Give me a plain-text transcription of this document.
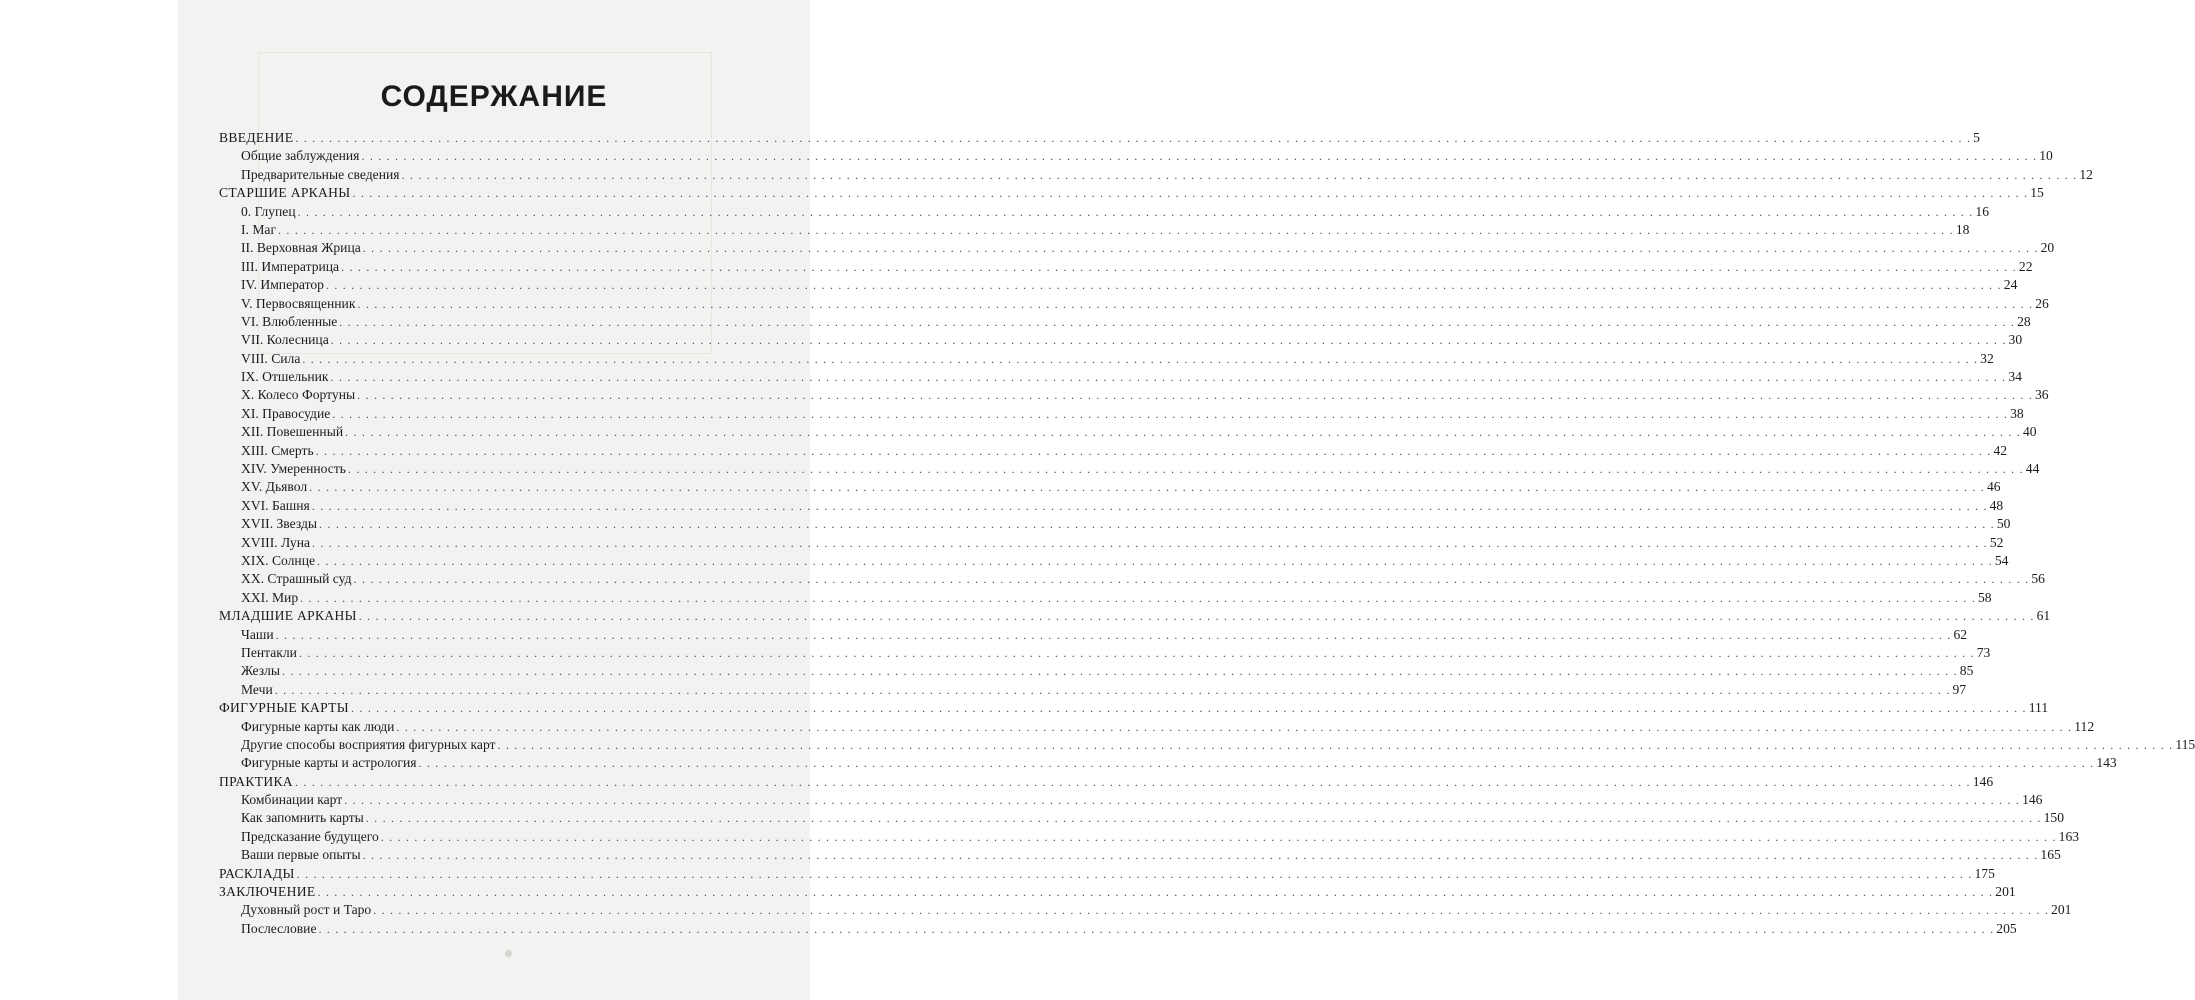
СОДЕРЖАНИЕ
ВВЕДЕНИЕ . . . . . . . . . . . . . . . . . . . . . . . . . . . . . . . . . . . . . . . . . . . . . . . . . . . . . . . . . . . . . . . . . . . . . . . . . . . . . . . . . . . . . . . . . . . . . . . . . . . . . . . . . . . . . . . . . . . . . . . . . . . . . . . . . . . . . . . . . . . . . . . . . . . . . . . . . . . . . . . . . . . . . . . . . . . . . . . . . . . . . . . . . . . . . . . . . . . . . . . . 5
Общие заблуждения . . . . . . . . . . . . . . . . . . . . . . . . . . . . . . . . . . . . . . . . . . . . . . . . . . . . . . . . . . . . . . . . . . . . . . . . . . . . . . . . . . . . . . . . . . . . . . . . . . . . . . . . . . . . . . . . . . . . . . . . . . . . . . . . . . . . . . . . . . . . . . . . . . . . . . . . . . . . . . . . . . . . . . . . . . . . . . . . . . . . . . . . . . . . . . . . . . . . . . . . 10
Предварительные сведения . . . . . . . . . . . . . . . . . . . . . . . . . . . . . . . . . . . . . . . . . . . . . . . . . . . . . . . . . . . . . . . . . . . . . . . . . . . . . . . . . . . . . . . . . . . . . . . . . . . . . . . . . . . . . . . . . . . . . . . . . . . . . . . . . . . . . . . . . . . . . . . . . . . . . . . . . . . . . . . . . . . . . . . . . . . . . . . . . . . . . . . . . . . . . . . . . . . . . . . . 12
СТАРШИЕ АРКАНЫ . . . . . . . . . . . . . . . . . . . . . . . . . . . . . . . . . . . . . . . . . . . . . . . . . . . . . . . . . . . . . . . . . . . . . . . . . . . . . . . . . . . . . . . . . . . . . . . . . . . . . . . . . . . . . . . . . . . . . . . . . . . . . . . . . . . . . . . . . . . . . . . . . . . . . . . . . . . . . . . . . . . . . . . . . . . . . . . . . . . . . . . . . . . . . . . . . . . . . . . . 15
0. Глупец . . . . . . . . . . . . . . . . . . . . . . . . . . . . . . . . . . . . . . . . . . . . . . . . . . . . . . . . . . . . . . . . . . . . . . . . . . . . . . . . . . . . . . . . . . . . . . . . . . . . . . . . . . . . . . . . . . . . . . . . . . . . . . . . . . . . . . . . . . . . . . . . . . . . . . . . . . . . . . . . . . . . . . . . . . . . . . . . . . . . . . . . . . . . . . . . . . . . . . . . 16
I. Маг . . . . . . . . . . . . . . . . . . . . . . . . . . . . . . . . . . . . . . . . . . . . . . . . . . . . . . . . . . . . . . . . . . . . . . . . . . . . . . . . . . . . . . . . . . . . . . . . . . . . . . . . . . . . . . . . . . . . . . . . . . . . . . . . . . . . . . . . . . . . . . . . . . . . . . . . . . . . . . . . . . . . . . . . . . . . . . . . . . . . . . . . . . . . . . . . . . . . . . . . 18
II. Верховная Жрица . . . . . . . . . . . . . . . . . . . . . . . . . . . . . . . . . . . . . . . . . . . . . . . . . . . . . . . . . . . . . . . . . . . . . . . . . . . . . . . . . . . . . . . . . . . . . . . . . . . . . . . . . . . . . . . . . . . . . . . . . . . . . . . . . . . . . . . . . . . . . . . . . . . . . . . . . . . . . . . . . . . . . . . . . . . . . . . . . . . . . . . . . . . . . . . . . . . . . . . . 20
III. Императрица . . . . . . . . . . . . . . . . . . . . . . . . . . . . . . . . . . . . . . . . . . . . . . . . . . . . . . . . . . . . . . . . . . . . . . . . . . . . . . . . . . . . . . . . . . . . . . . . . . . . . . . . . . . . . . . . . . . . . . . . . . . . . . . . . . . . . . . . . . . . . . . . . . . . . . . . . . . . . . . . . . . . . . . . . . . . . . . . . . . . . . . . . . . . . . . . . . . . . . . . 22
IV. Император . . . . . . . . . . . . . . . . . . . . . . . . . . . . . . . . . . . . . . . . . . . . . . . . . . . . . . . . . . . . . . . . . . . . . . . . . . . . . . . . . . . . . . . . . . . . . . . . . . . . . . . . . . . . . . . . . . . . . . . . . . . . . . . . . . . . . . . . . . . . . . . . . . . . . . . . . . . . . . . . . . . . . . . . . . . . . . . . . . . . . . . . . . . . . . . . . . . . . . . . 24
V. Первосвященник . . . . . . . . . . . . . . . . . . . . . . . . . . . . . . . . . . . . . . . . . . . . . . . . . . . . . . . . . . . . . . . . . . . . . . . . . . . . . . . . . . . . . . . . . . . . . . . . . . . . . . . . . . . . . . . . . . . . . . . . . . . . . . . . . . . . . . . . . . . . . . . . . . . . . . . . . . . . . . . . . . . . . . . . . . . . . . . . . . . . . . . . . . . . . . . . . . . . . . . . 26
VI. Влюбленные . . . . . . . . . . . . . . . . . . . . . . . . . . . . . . . . . . . . . . . . . . . . . . . . . . . . . . . . . . . . . . . . . . . . . . . . . . . . . . . . . . . . . . . . . . . . . . . . . . . . . . . . . . . . . . . . . . . . . . . . . . . . . . . . . . . . . . . . . . . . . . . . . . . . . . . . . . . . . . . . . . . . . . . . . . . . . . . . . . . . . . . . . . . . . . . . . . . . . . . . 28
VII. Колесница . . . . . . . . . . . . . . . . . . . . . . . . . . . . . . . . . . . . . . . . . . . . . . . . . . . . . . . . . . . . . . . . . . . . . . . . . . . . . . . . . . . . . . . . . . . . . . . . . . . . . . . . . . . . . . . . . . . . . . . . . . . . . . . . . . . . . . . . . . . . . . . . . . . . . . . . . . . . . . . . . . . . . . . . . . . . . . . . . . . . . . . . . . . . . . . . . . . . . . . . 30
VIII. Сила . . . . . . . . . . . . . . . . . . . . . . . . . . . . . . . . . . . . . . . . . . . . . . . . . . . . . . . . . . . . . . . . . . . . . . . . . . . . . . . . . . . . . . . . . . . . . . . . . . . . . . . . . . . . . . . . . . . . . . . . . . . . . . . . . . . . . . . . . . . . . . . . . . . . . . . . . . . . . . . . . . . . . . . . . . . . . . . . . . . . . . . . . . . . . . . . . . . . . . . . 32
IX. Отшельник . . . . . . . . . . . . . . . . . . . . . . . . . . . . . . . . . . . . . . . . . . . . . . . . . . . . . . . . . . . . . . . . . . . . . . . . . . . . . . . . . . . . . . . . . . . . . . . . . . . . . . . . . . . . . . . . . . . . . . . . . . . . . . . . . . . . . . . . . . . . . . . . . . . . . . . . . . . . . . . . . . . . . . . . . . . . . . . . . . . . . . . . . . . . . . . . . . . . . . . . 34
X. Колесо Фортуны . . . . . . . . . . . . . . . . . . . . . . . . . . . . . . . . . . . . . . . . . . . . . . . . . . . . . . . . . . . . . . . . . . . . . . . . . . . . . . . . . . . . . . . . . . . . . . . . . . . . . . . . . . . . . . . . . . . . . . . . . . . . . . . . . . . . . . . . . . . . . . . . . . . . . . . . . . . . . . . . . . . . . . . . . . . . . . . . . . . . . . . . . . . . . . . . . . . . . . . . 36
XI. Правосудие . . . . . . . . . . . . . . . . . . . . . . . . . . . . . . . . . . . . . . . . . . . . . . . . . . . . . . . . . . . . . . . . . . . . . . . . . . . . . . . . . . . . . . . . . . . . . . . . . . . . . . . . . . . . . . . . . . . . . . . . . . . . . . . . . . . . . . . . . . . . . . . . . . . . . . . . . . . . . . . . . . . . . . . . . . . . . . . . . . . . . . . . . . . . . . . . . . . . . . . . 38
XII. Повешенный . . . . . . . . . . . . . . . . . . . . . . . . . . . . . . . . . . . . . . . . . . . . . . . . . . . . . . . . . . . . . . . . . . . . . . . . . . . . . . . . . . . . . . . . . . . . . . . . . . . . . . . . . . . . . . . . . . . . . . . . . . . . . . . . . . . . . . . . . . . . . . . . . . . . . . . . . . . . . . . . . . . . . . . . . . . . . . . . . . . . . . . . . . . . . . . . . . . . . . . . 40
XIII. Смерть . . . . . . . . . . . . . . . . . . . . . . . . . . . . . . . . . . . . . . . . . . . . . . . . . . . . . . . . . . . . . . . . . . . . . . . . . . . . . . . . . . . . . . . . . . . . . . . . . . . . . . . . . . . . . . . . . . . . . . . . . . . . . . . . . . . . . . . . . . . . . . . . . . . . . . . . . . . . . . . . . . . . . . . . . . . . . . . . . . . . . . . . . . . . . . . . . . . . . . . . 42
XIV. Умеренность . . . . . . . . . . . . . . . . . . . . . . . . . . . . . . . . . . . . . . . . . . . . . . . . . . . . . . . . . . . . . . . . . . . . . . . . . . . . . . . . . . . . . . . . . . . . . . . . . . . . . . . . . . . . . . . . . . . . . . . . . . . . . . . . . . . . . . . . . . . . . . . . . . . . . . . . . . . . . . . . . . . . . . . . . . . . . . . . . . . . . . . . . . . . . . . . . . . . . . . . 44
XV. Дьявол . . . . . . . . . . . . . . . . . . . . . . . . . . . . . . . . . . . . . . . . . . . . . . . . . . . . . . . . . . . . . . . . . . . . . . . . . . . . . . . . . . . . . . . . . . . . . . . . . . . . . . . . . . . . . . . . . . . . . . . . . . . . . . . . . . . . . . . . . . . . . . . . . . . . . . . . . . . . . . . . . . . . . . . . . . . . . . . . . . . . . . . . . . . . . . . . . . . . . . . . 46
XVI. Башня . . . . . . . . . . . . . . . . . . . . . . . . . . . . . . . . . . . . . . . . . . . . . . . . . . . . . . . . . . . . . . . . . . . . . . . . . . . . . . . . . . . . . . . . . . . . . . . . . . . . . . . . . . . . . . . . . . . . . . . . . . . . . . . . . . . . . . . . . . . . . . . . . . . . . . . . . . . . . . . . . . . . . . . . . . . . . . . . . . . . . . . . . . . . . . . . . . . . . . . . 48
XVII. Звезды . . . . . . . . . . . . . . . . . . . . . . . . . . . . . . . . . . . . . . . . . . . . . . . . . . . . . . . . . . . . . . . . . . . . . . . . . . . . . . . . . . . . . . . . . . . . . . . . . . . . . . . . . . . . . . . . . . . . . . . . . . . . . . . . . . . . . . . . . . . . . . . . . . . . . . . . . . . . . . . . . . . . . . . . . . . . . . . . . . . . . . . . . . . . . . . . . . . . . . . . 50
XVIII. Луна . . . . . . . . . . . . . . . . . . . . . . . . . . . . . . . . . . . . . . . . . . . . . . . . . . . . . . . . . . . . . . . . . . . . . . . . . . . . . . . . . . . . . . . . . . . . . . . . . . . . . . . . . . . . . . . . . . . . . . . . . . . . . . . . . . . . . . . . . . . . . . . . . . . . . . . . . . . . . . . . . . . . . . . . . . . . . . . . . . . . . . . . . . . . . . . . . . . . . . . . 52
XIX. Солнце . . . . . . . . . . . . . . . . . . . . . . . . . . . . . . . . . . . . . . . . . . . . . . . . . . . . . . . . . . . . . . . . . . . . . . . . . . . . . . . . . . . . . . . . . . . . . . . . . . . . . . . . . . . . . . . . . . . . . . . . . . . . . . . . . . . . . . . . . . . . . . . . . . . . . . . . . . . . . . . . . . . . . . . . . . . . . . . . . . . . . . . . . . . . . . . . . . . . . . . . 54
XX. Страшный суд . . . . . . . . . . . . . . . . . . . . . . . . . . . . . . . . . . . . . . . . . . . . . . . . . . . . . . . . . . . . . . . . . . . . . . . . . . . . . . . . . . . . . . . . . . . . . . . . . . . . . . . . . . . . . . . . . . . . . . . . . . . . . . . . . . . . . . . . . . . . . . . . . . . . . . . . . . . . . . . . . . . . . . . . . . . . . . . . . . . . . . . . . . . . . . . . . . . . . . . . 56
XXI. Мир . . . . . . . . . . . . . . . . . . . . . . . . . . . . . . . . . . . . . . . . . . . . . . . . . . . . . . . . . . . . . . . . . . . . . . . . . . . . . . . . . . . . . . . . . . . . . . . . . . . . . . . . . . . . . . . . . . . . . . . . . . . . . . . . . . . . . . . . . . . . . . . . . . . . . . . . . . . . . . . . . . . . . . . . . . . . . . . . . . . . . . . . . . . . . . . . . . . . . . . . 58
МЛАДШИЕ АРКАНЫ . . . . . . . . . . . . . . . . . . . . . . . . . . . . . . . . . . . . . . . . . . . . . . . . . . . . . . . . . . . . . . . . . . . . . . . . . . . . . . . . . . . . . . . . . . . . . . . . . . . . . . . . . . . . . . . . . . . . . . . . . . . . . . . . . . . . . . . . . . . . . . . . . . . . . . . . . . . . . . . . . . . . . . . . . . . . . . . . . . . . . . . . . . . . . . . . . . . . . . . . 61
Чаши . . . . . . . . . . . . . . . . . . . . . . . . . . . . . . . . . . . . . . . . . . . . . . . . . . . . . . . . . . . . . . . . . . . . . . . . . . . . . . . . . . . . . . . . . . . . . . . . . . . . . . . . . . . . . . . . . . . . . . . . . . . . . . . . . . . . . . . . . . . . . . . . . . . . . . . . . . . . . . . . . . . . . . . . . . . . . . . . . . . . . . . . . . . . . . . . . . . . . . . . 62
Пентакли . . . . . . . . . . . . . . . . . . . . . . . . . . . . . . . . . . . . . . . . . . . . . . . . . . . . . . . . . . . . . . . . . . . . . . . . . . . . . . . . . . . . . . . . . . . . . . . . . . . . . . . . . . . . . . . . . . . . . . . . . . . . . . . . . . . . . . . . . . . . . . . . . . . . . . . . . . . . . . . . . . . . . . . . . . . . . . . . . . . . . . . . . . . . . . . . . . . . . . . . 73
Жезлы . . . . . . . . . . . . . . . . . . . . . . . . . . . . . . . . . . . . . . . . . . . . . . . . . . . . . . . . . . . . . . . . . . . . . . . . . . . . . . . . . . . . . . . . . . . . . . . . . . . . . . . . . . . . . . . . . . . . . . . . . . . . . . . . . . . . . . . . . . . . . . . . . . . . . . . . . . . . . . . . . . . . . . . . . . . . . . . . . . . . . . . . . . . . . . . . . . . . . . . . 85
Мечи . . . . . . . . . . . . . . . . . . . . . . . . . . . . . . . . . . . . . . . . . . . . . . . . . . . . . . . . . . . . . . . . . . . . . . . . . . . . . . . . . . . . . . . . . . . . . . . . . . . . . . . . . . . . . . . . . . . . . . . . . . . . . . . . . . . . . . . . . . . . . . . . . . . . . . . . . . . . . . . . . . . . . . . . . . . . . . . . . . . . . . . . . . . . . . . . . . . . . . . . 97
ФИГУРНЫЕ КАРТЫ . . . . . . . . . . . . . . . . . . . . . . . . . . . . . . . . . . . . . . . . . . . . . . . . . . . . . . . . . . . . . . . . . . . . . . . . . . . . . . . . . . . . . . . . . . . . . . . . . . . . . . . . . . . . . . . . . . . . . . . . . . . . . . . . . . . . . . . . . . . . . . . . . . . . . . . . . . . . . . . . . . . . . . . . . . . . . . . . . . . . . . . . . . . . . . . . . . . . . . . . 111
Фигурные карты как люди . . . . . . . . . . . . . . . . . . . . . . . . . . . . . . . . . . . . . . . . . . . . . . . . . . . . . . . . . . . . . . . . . . . . . . . . . . . . . . . . . . . . . . . . . . . . . . . . . . . . . . . . . . . . . . . . . . . . . . . . . . . . . . . . . . . . . . . . . . . . . . . . . . . . . . . . . . . . . . . . . . . . . . . . . . . . . . . . . . . . . . . . . . . . . . . . . . . . . . . . 112
Другие способы восприятия фигурных карт . . . . . . . . . . . . . . . . . . . . . . . . . . . . . . . . . . . . . . . . . . . . . . . . . . . . . . . . . . . . . . . . . . . . . . . . . . . . . . . . . . . . . . . . . . . . . . . . . . . . . . . . . . . . . . . . . . . . . . . . . . . . . . . . . . . . . . . . . . . . . . . . . . . . . . . . . . . . . . . . . . . . . . . . . . . . . . . . . . . . . . . . . . . . . . . . . . . . . . . . 115
Фигурные карты и астрология . . . . . . . . . . . . . . . . . . . . . . . . . . . . . . . . . . . . . . . . . . . . . . . . . . . . . . . . . . . . . . . . . . . . . . . . . . . . . . . . . . . . . . . . . . . . . . . . . . . . . . . . . . . . . . . . . . . . . . . . . . . . . . . . . . . . . . . . . . . . . . . . . . . . . . . . . . . . . . . . . . . . . . . . . . . . . . . . . . . . . . . . . . . . . . . . . . . . . . . . 143
ПРАКТИКА . . . . . . . . . . . . . . . . . . . . . . . . . . . . . . . . . . . . . . . . . . . . . . . . . . . . . . . . . . . . . . . . . . . . . . . . . . . . . . . . . . . . . . . . . . . . . . . . . . . . . . . . . . . . . . . . . . . . . . . . . . . . . . . . . . . . . . . . . . . . . . . . . . . . . . . . . . . . . . . . . . . . . . . . . . . . . . . . . . . . . . . . . . . . . . . . . . . . . . . . 146
Комбинации карт . . . . . . . . . . . . . . . . . . . . . . . . . . . . . . . . . . . . . . . . . . . . . . . . . . . . . . . . . . . . . . . . . . . . . . . . . . . . . . . . . . . . . . . . . . . . . . . . . . . . . . . . . . . . . . . . . . . . . . . . . . . . . . . . . . . . . . . . . . . . . . . . . . . . . . . . . . . . . . . . . . . . . . . . . . . . . . . . . . . . . . . . . . . . . . . . . . . . . . . . 146
Как запомнить карты . . . . . . . . . . . . . . . . . . . . . . . . . . . . . . . . . . . . . . . . . . . . . . . . . . . . . . . . . . . . . . . . . . . . . . . . . . . . . . . . . . . . . . . . . . . . . . . . . . . . . . . . . . . . . . . . . . . . . . . . . . . . . . . . . . . . . . . . . . . . . . . . . . . . . . . . . . . . . . . . . . . . . . . . . . . . . . . . . . . . . . . . . . . . . . . . . . . . . . . . 150
Предсказание будущего . . . . . . . . . . . . . . . . . . . . . . . . . . . . . . . . . . . . . . . . . . . . . . . . . . . . . . . . . . . . . . . . . . . . . . . . . . . . . . . . . . . . . . . . . . . . . . . . . . . . . . . . . . . . . . . . . . . . . . . . . . . . . . . . . . . . . . . . . . . . . . . . . . . . . . . . . . . . . . . . . . . . . . . . . . . . . . . . . . . . . . . . . . . . . . . . . . . . . . . . 163
Ваши первые опыты . . . . . . . . . . . . . . . . . . . . . . . . . . . . . . . . . . . . . . . . . . . . . . . . . . . . . . . . . . . . . . . . . . . . . . . . . . . . . . . . . . . . . . . . . . . . . . . . . . . . . . . . . . . . . . . . . . . . . . . . . . . . . . . . . . . . . . . . . . . . . . . . . . . . . . . . . . . . . . . . . . . . . . . . . . . . . . . . . . . . . . . . . . . . . . . . . . . . . . . . 165
РАСКЛАДЫ . . . . . . . . . . . . . . . . . . . . . . . . . . . . . . . . . . . . . . . . . . . . . . . . . . . . . . . . . . . . . . . . . . . . . . . . . . . . . . . . . . . . . . . . . . . . . . . . . . . . . . . . . . . . . . . . . . . . . . . . . . . . . . . . . . . . . . . . . . . . . . . . . . . . . . . . . . . . . . . . . . . . . . . . . . . . . . . . . . . . . . . . . . . . . . . . . . . . . . . . 175
ЗАКЛЮЧЕНИЕ . . . . . . . . . . . . . . . . . . . . . . . . . . . . . . . . . . . . . . . . . . . . . . . . . . . . . . . . . . . . . . . . . . . . . . . . . . . . . . . . . . . . . . . . . . . . . . . . . . . . . . . . . . . . . . . . . . . . . . . . . . . . . . . . . . . . . . . . . . . . . . . . . . . . . . . . . . . . . . . . . . . . . . . . . . . . . . . . . . . . . . . . . . . . . . . . . . . . . . . . 201
Духовный рост и Таро . . . . . . . . . . . . . . . . . . . . . . . . . . . . . . . . . . . . . . . . . . . . . . . . . . . . . . . . . . . . . . . . . . . . . . . . . . . . . . . . . . . . . . . . . . . . . . . . . . . . . . . . . . . . . . . . . . . . . . . . . . . . . . . . . . . . . . . . . . . . . . . . . . . . . . . . . . . . . . . . . . . . . . . . . . . . . . . . . . . . . . . . . . . . . . . . . . . . . . . . 201
Послесловие . . . . . . . . . . . . . . . . . . . . . . . . . . . . . . . . . . . . . . . . . . . . . . . . . . . . . . . . . . . . . . . . . . . . . . . . . . . . . . . . . . . . . . . . . . . . . . . . . . . . . . . . . . . . . . . . . . . . . . . . . . . . . . . . . . . . . . . . . . . . . . . . . . . . . . . . . . . . . . . . . . . . . . . . . . . . . . . . . . . . . . . . . . . . . . . . . . . . . . . . 205
